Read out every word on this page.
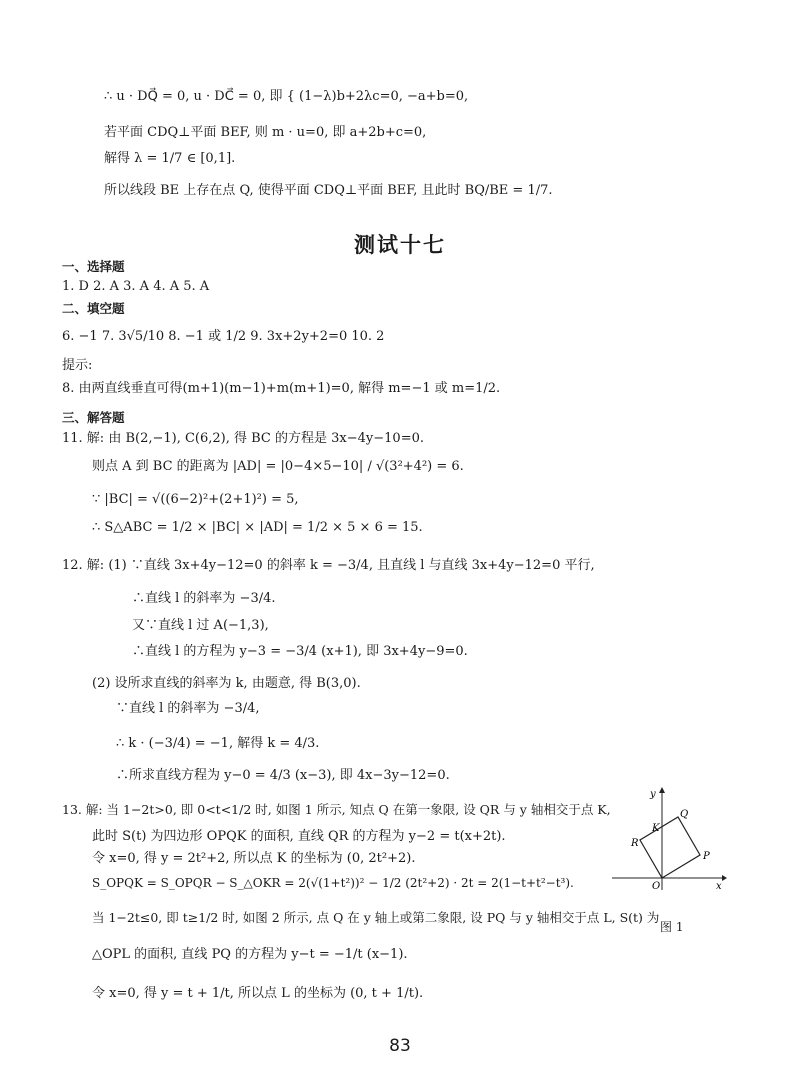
∴ u · DQ⃗ = 0, u · DC⃗ = 0, 即 { (1−λ)b+2λc=0, −a+b=0,
若平面 CDQ⊥平面 BEF, 则 m · u=0, 即 a+2b+c=0,
解得 λ = 1/7 ∈ [0,1].
所以线段 BE 上存在点 Q, 使得平面 CDQ⊥平面 BEF, 且此时 BQ/BE = 1/7.
测试十七
一、选择题
1. D 2. A 3. A 4. A 5. A
二、填空题
6. −1 7. 3√5/10 8. −1 或 1/2 9. 3x+2y+2=0 10. 2
提示:
8. 由两直线垂直可得(m+1)(m−1)+m(m+1)=0, 解得 m=−1 或 m=1/2.
三、解答题
11. 解: 由 B(2,−1), C(6,2), 得 BC 的方程是 3x−4y−10=0.
则点 A 到 BC 的距离为 |AD| = |0−4×5−10| / √(3²+4²) = 6.
∵ |BC| = √((6−2)²+(2+1)²) = 5,
∴ S△ABC = 1/2 × |BC| × |AD| = 1/2 × 5 × 6 = 15.
12. 解: (1) ∵直线 3x+4y−12=0 的斜率 k = −3/4, 且直线 l 与直线 3x+4y−12=0 平行,
∴直线 l 的斜率为 −3/4.
又∵直线 l 过 A(−1,3),
∴直线 l 的方程为 y−3 = −3/4 (x+1), 即 3x+4y−9=0.
(2) 设所求直线的斜率为 k, 由题意, 得 B(3,0).
∵直线 l 的斜率为 −3/4,
∴ k · (−3/4) = −1, 解得 k = 4/3.
∴所求直线方程为 y−0 = 4/3 (x−3), 即 4x−3y−12=0.
13. 解: 当 1−2t>0, 即 0<t<1/2 时, 如图 1 所示, 知点 Q 在第一象限, 设 QR 与 y 轴相交于点 K,
此时 S(t) 为四边形 OPQK 的面积, 直线 QR 的方程为 y−2 = t(x+2t).
令 x=0, 得 y = 2t²+2, 所以点 K 的坐标为 (0, 2t²+2).
S_OPQK = S_OPQR − S_△OKR = 2(√(1+t²))² − 1/2 (2t²+2) · 2t = 2(1−t+t²−t³).
当 1−2t≤0, 即 t≥1/2 时, 如图 2 所示, 点 Q 在 y 轴上或第二象限, 设 PQ 与 y 轴相交于点 L, S(t) 为
△OPL 的面积, 直线 PQ 的方程为 y−t = −1/t (x−1).
令 x=0, 得 y = t + 1/t, 所以点 L 的坐标为 (0, t + 1/t).
y
x
O
K
Q
R
P
图 1
83
